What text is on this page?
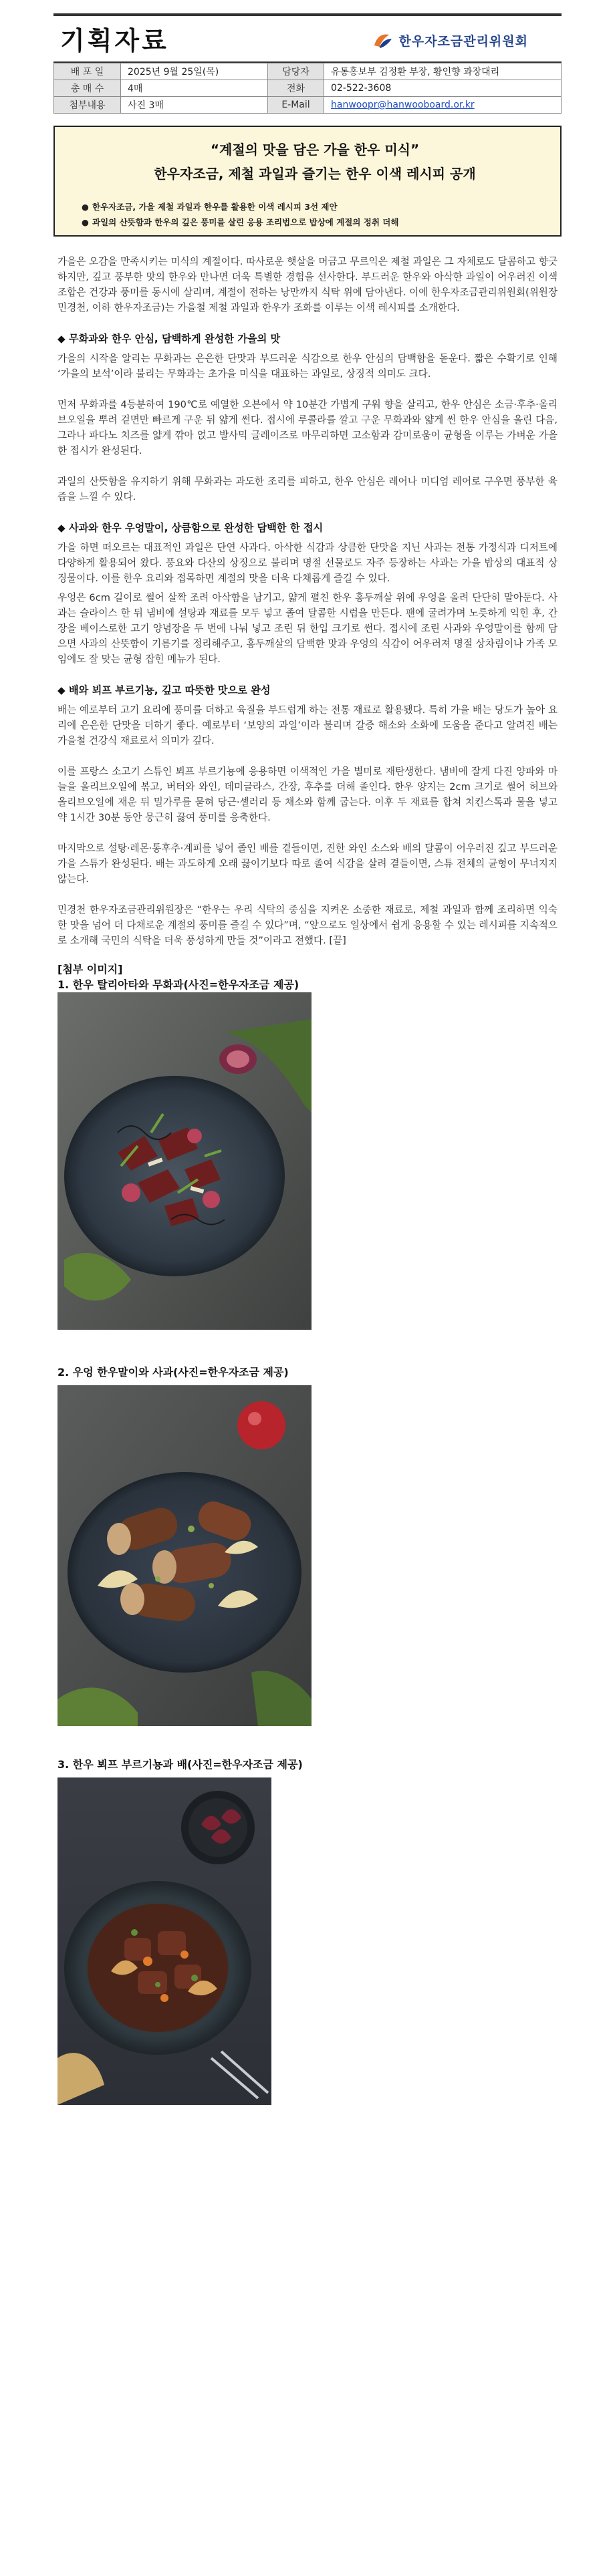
기획자료	한우자조금관리위원회
배 포 일	2025년 9월 25일(목)	담당자	유통홍보부 김정환 부장, 황인향 과장대리
총 매 수	4매	전화	02-522-3608
첨부내용	사진 3매	E-Mail	hanwoopr@hanwooboard.or.kr
“계절의 맛을 담은 가을 한우 미식”
한우자조금, 제철 과일과 즐기는 한우 이색 레시피 공개
● 한우자조금, 가을 제철 과일과 한우를 활용한 이색 레시피 3선 제안
● 과일의 산뜻함과 한우의 깊은 풍미를 살린 응용 조리법으로 밥상에 계절의 정취 더해
가을은 오감을 만족시키는 미식의 계절이다. 따사로운 햇살을 머금고 무르익은 제철 과일은 그 자체로도 달콤하고 향긋하지만, 깊고 풍부한 맛의 한우와 만나면 더욱 특별한 경험을 선사한다. 부드러운 한우와 아삭한 과일이 어우러진 이색 조합은 건강과 풍미를 동시에 살리며, 계절이 전하는 낭만까지 식탁 위에 담아낸다. 이에 한우자조금관리위원회(위원장 민경천, 이하 한우자조금)는 가을철 제철 과일과 한우가 조화를 이루는 이색 레시피를 소개한다.
◆ 무화과와 한우 안심, 담백하게 완성한 가을의 맛
가을의 시작을 알리는 무화과는 은은한 단맛과 부드러운 식감으로 한우 안심의 담백함을 돋운다. 짧은 수확기로 인해 ‘가을의 보석’이라 불리는 무화과는 초가을 미식을 대표하는 과일로, 상징적 의미도 크다.
먼저 무화과를 4등분하여 190℃로 예열한 오븐에서 약 10분간 가볍게 구워 향을 살리고, 한우 안심은 소금·후추·올리브오일을 뿌려 겉면만 빠르게 구운 뒤 얇게 썬다. 접시에 루콜라를 깔고 구운 무화과와 얇게 썬 한우 안심을 올린 다음, 그라나 파다노 치즈를 얇게 깎아 얹고 발사믹 글레이즈로 마무리하면 고소함과 감미로움이 균형을 이루는 가벼운 가을 한 접시가 완성된다.
과일의 산뜻함을 유지하기 위해 무화과는 과도한 조리를 피하고, 한우 안심은 레어나 미디엄 레어로 구우면 풍부한 육즙을 느낄 수 있다.
◆ 사과와 한우 우엉말이, 상큼함으로 완성한 담백한 한 접시
가을 하면 떠오르는 대표적인 과일은 단연 사과다. 아삭한 식감과 상큼한 단맛을 지닌 사과는 전통 가정식과 디저트에 다양하게 활용되어 왔다. 풍요와 다산의 상징으로 불리며 명절 선물로도 자주 등장하는 사과는 가을 밥상의 대표적 상징물이다. 이를 한우 요리와 접목하면 계절의 맛을 더욱 다채롭게 즐길 수 있다.
우엉은 6cm 길이로 썰어 살짝 조려 아삭함을 남기고, 얇게 펼친 한우 홍두깨살 위에 우엉을 올려 단단히 말아둔다. 사과는 슬라이스 한 뒤 냄비에 설탕과 재료를 모두 넣고 졸여 달콤한 시럽을 만든다. 팬에 굴려가며 노릇하게 익힌 후, 간장을 베이스로한 고기 양념장을 두 번에 나눠 넣고 조린 뒤 한입 크기로 썬다. 접시에 조린 사과와 우엉말이를 함께 담으면 사과의 산뜻함이 기름기를 정리해주고, 홍두깨살의 담백한 맛과 우엉의 식감이 어우러져 명절 상차림이나 가족 모임에도 잘 맞는 균형 잡힌 메뉴가 된다.
◆ 배와 뵈프 부르기뇽, 깊고 따뜻한 맛으로 완성
배는 예로부터 고기 요리에 풍미를 더하고 육질을 부드럽게 하는 전통 재료로 활용됐다. 특히 가을 배는 당도가 높아 요리에 은은한 단맛을 더하기 좋다. 예로부터 ‘보양의 과일’이라 불리며 갈증 해소와 소화에 도움을 준다고 알려진 배는 가을철 건강식 재료로서 의미가 깊다.
이를 프랑스 소고기 스튜인 뵈프 부르기뇽에 응용하면 이색적인 가을 별미로 재탄생한다. 냄비에 잘게 다진 양파와 마늘을 올리브오일에 볶고, 버터와 와인, 데미글라스, 간장, 후추를 더해 졸인다. 한우 양지는 2cm 크기로 썰어 허브와 올리브오일에 재운 뒤 밀가루를 묻혀 당근·셀러리 등 채소와 함께 굽는다. 이후 두 재료를 합쳐 치킨스톡과 물을 넣고 약 1시간 30분 동안 뭉근히 끓여 풍미를 응축한다.
마지막으로 설탕·레몬·통후추·계피를 넣어 졸인 배를 곁들이면, 진한 와인 소스와 배의 달콤이 어우러진 깊고 부드러운 가을 스튜가 완성된다. 배는 과도하게 오래 끓이기보다 따로 졸여 식감을 살려 곁들이면, 스튜 전체의 균형이 무너지지 않는다.
민경천 한우자조금관리위원장은 “한우는 우리 식탁의 중심을 지켜온 소중한 재료로, 제철 과일과 함께 조리하면 익숙한 맛을 넘어 더 다채로운 계절의 풍미를 즐길 수 있다”며, “앞으로도 일상에서 쉽게 응용할 수 있는 레시피를 지속적으로 소개해 국민의 식탁을 더욱 풍성하게 만들 것”이라고 전했다. [끝]
[첨부 이미지]
1. 한우 탈리아타와 무화과(사진=한우자조금 제공)
2. 우엉 한우말이와 사과(사진=한우자조금 제공)
3. 한우 뵈프 부르기뇽과 배(사진=한우자조금 제공)
